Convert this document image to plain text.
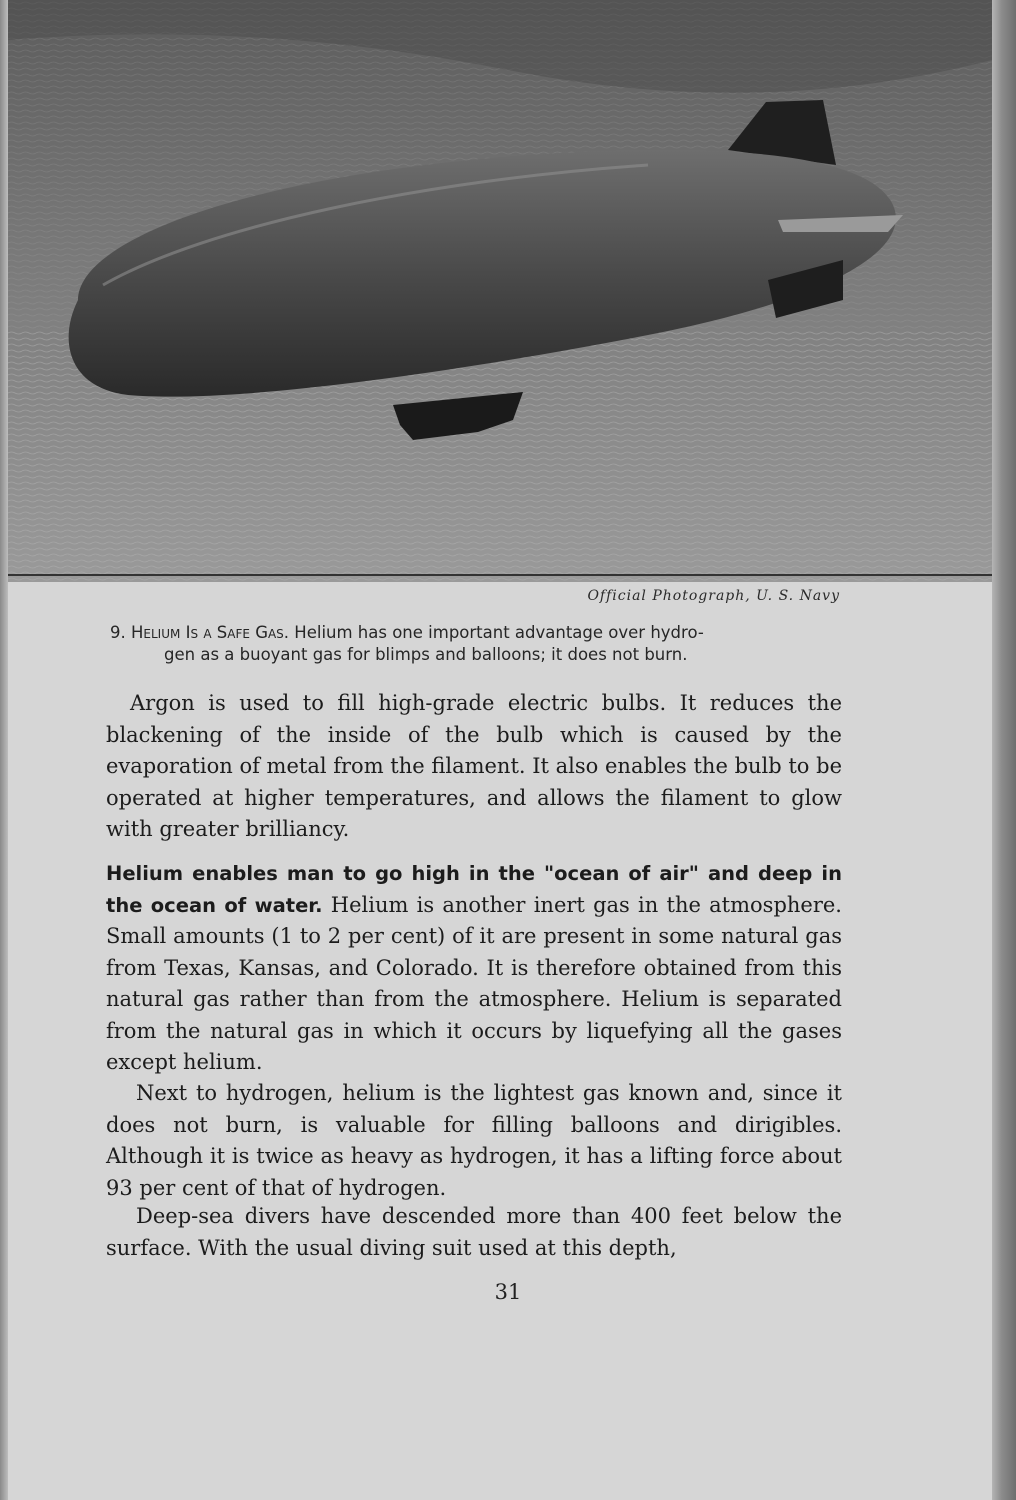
Official Photograph, U. S. Navy
9. Helium Is a Safe Gas. Helium has one important advantage over hydro-
gen as a buoyant gas for blimps and balloons; it does not burn.
Argon is used to fill high-grade electric bulbs. It reduces the blackening of the inside of the bulb which is caused by the evaporation of metal from the filament. It also enables the bulb to be operated at higher temperatures, and allows the filament to glow with greater brilliancy.
Helium enables man to go high in the "ocean of air" and deep in the ocean of water. Helium is another inert gas in the atmosphere. Small amounts (1 to 2 per cent) of it are present in some natural gas from Texas, Kansas, and Colorado. It is therefore obtained from this natural gas rather than from the atmosphere. Helium is separated from the natural gas in which it occurs by liquefying all the gases except helium.
Next to hydrogen, helium is the lightest gas known and, since it does not burn, is valuable for filling balloons and dirigibles. Although it is twice as heavy as hydrogen, it has a lifting force about 93 per cent of that of hydrogen.
Deep-sea divers have descended more than 400 feet below the surface. With the usual diving suit used at this depth,
31
